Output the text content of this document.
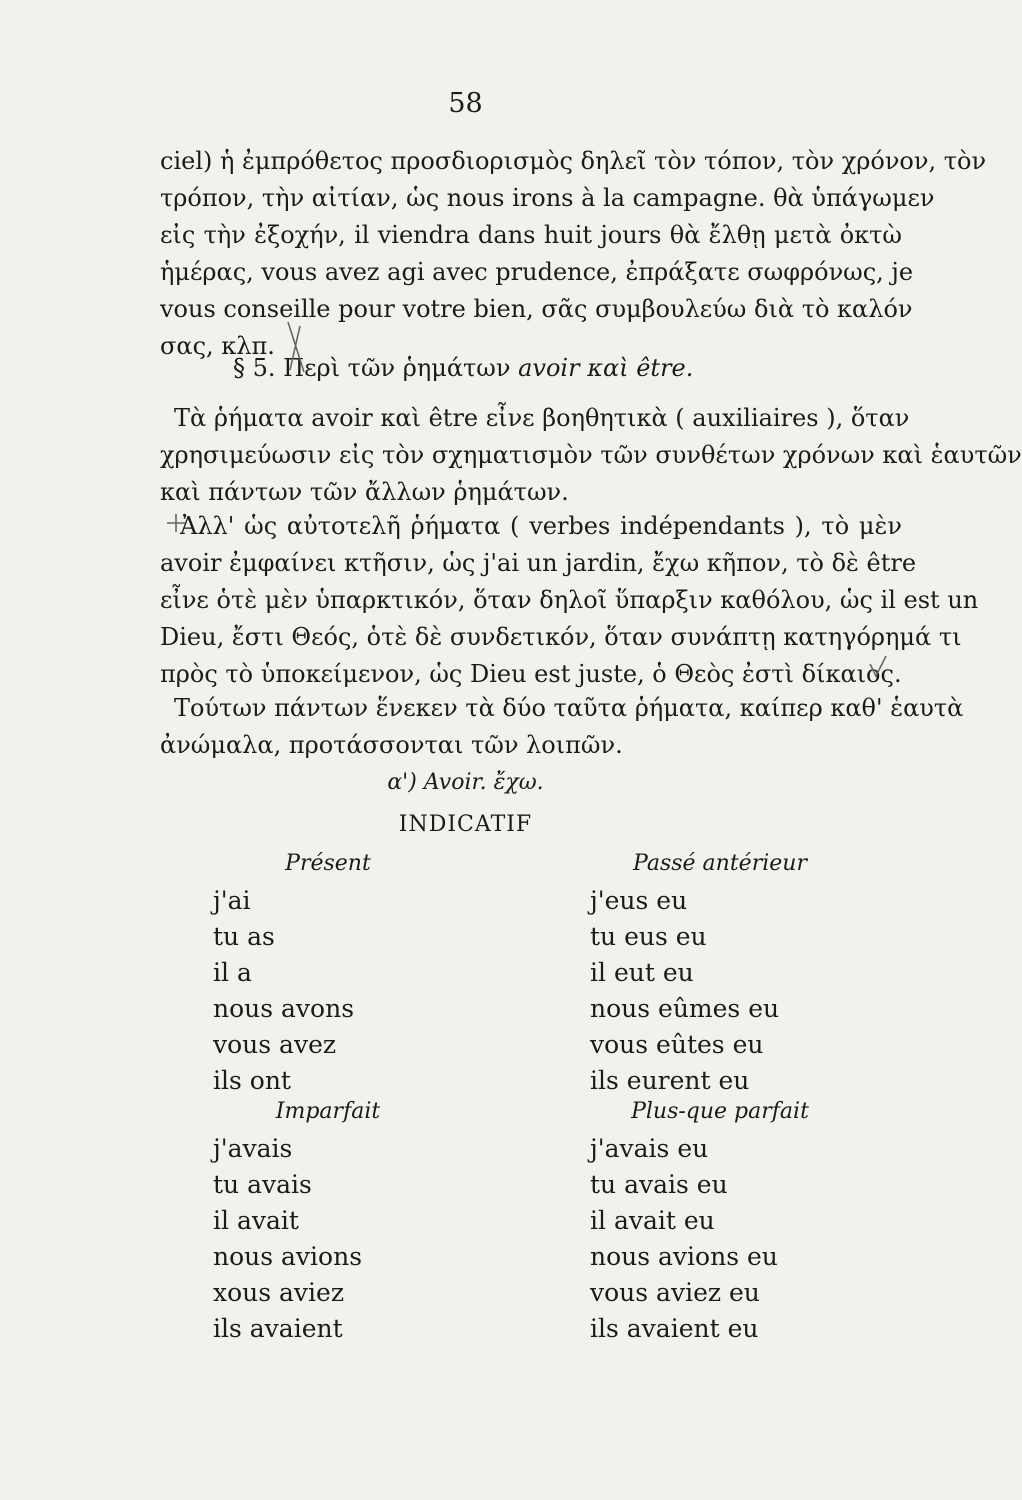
58
ciel) ἡ ἐμπρόθετος προσδιορισμὸς δηλεῖ τὸν τόπον, τὸν χρόνον, τὸν
τρόπον, τὴν αἰτίαν, ὡς nous irons à la campagne. θὰ ὑπάγωμεν
εἰς τὴν ἐξοχήν, il viendra dans huit jours θὰ ἔλθῃ μετὰ ὀκτὼ
ἡμέρας, vous avez agi avec prudence, ἐπράξατε σωφρόνως, je
vous conseille pour votre bien, σᾶς συμβουλεύω διὰ τὸ καλόν
σας, κλπ.
§ 5. Περὶ τῶν ῥημάτων avoir καὶ être.
Τὰ ῥήματα avoir καὶ être εἶνε βοηθητικὰ ( auxiliaires ), ὅταν
χρησιμεύωσιν εἰς τὸν σχηματισμὸν τῶν συνθέτων χρόνων καὶ ἑαυτῶν
καὶ πάντων τῶν ἄλλων ῥημάτων.
Ἀλλ' ὡς αὐτοτελῆ ῥήματα ( verbes indépendants ), τὸ μὲν
avoir ἐμφαίνει κτῆσιν, ὡς j'ai un jardin, ἔχω κῆπον, τὸ δὲ être
εἶνε ὁτὲ μὲν ὑπαρκτικόν, ὅταν δηλοῖ ὕπαρξιν καθόλου, ὡς il est un
Dieu, ἔστι Θεός, ὁτὲ δὲ συνδετικόν, ὅταν συνάπτῃ κατηγόρημά τι
πρὸς τὸ ὑποκείμενον, ὡς Dieu est juste, ὁ Θεὸς ἐστὶ δίκαιος.
Τούτων πάντων ἕνεκεν τὰ δύο ταῦτα ῥήματα, καίπερ καθ' ἑαυτὰ
ἀνώμαλα, προτάσσονται τῶν λοιπῶν.
α') Avoir. ἔχω.
INDICATIF
Présent
j'ai
tu as
il a
nous avons
vous avez
ils ont
Passé antérieur
j'eus eu
tu eus eu
il eut eu
nous eûmes eu
vous eûtes eu
ils eurent eu
Imparfait
j'avais
tu avais
il avait
nous avions
xous aviez
ils avaient
Plus-que parfait
j'avais eu
tu avais eu
il avait eu
nous avions eu
vous aviez eu
ils avaient eu
